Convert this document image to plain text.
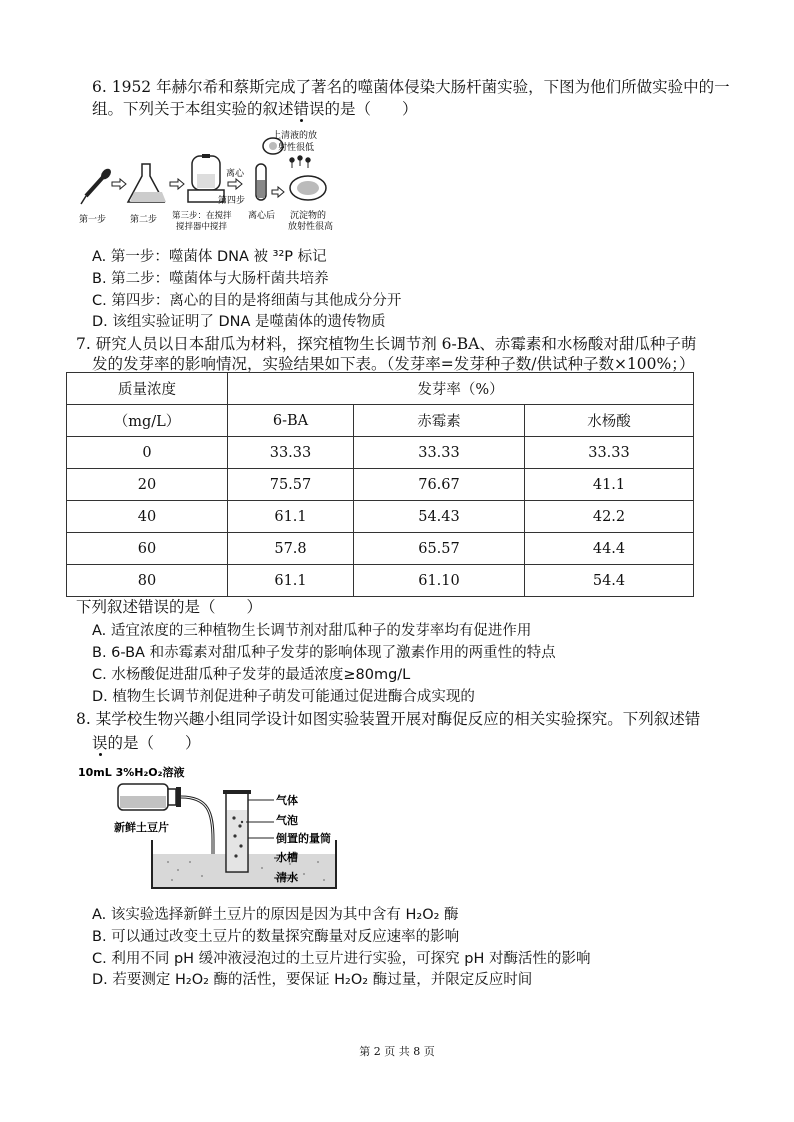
6. 1952 年赫尔希和蔡斯完成了著名的噬菌体侵染大肠杆菌实验，下图为他们所做实验中的一
组。下列关于本组实验的叙述错误的是（　　）
上清液的放
射性很低
第一步	第二步 第三步：在搅拌
搅拌器中搅拌
离心
第四步
离心后 沉淀物的
放射性很高
A. 第一步：噬菌体 DNA 被 ³²P 标记
B. 第二步：噬菌体与大肠杆菌共培养
C. 第四步：离心的目的是将细菌与其他成分分开
D. 该组实验证明了 DNA 是噬菌体的遗传物质
7. 研究人员以日本甜瓜为材料，探究植物生长调节剂 6-BA、赤霉素和水杨酸对甜瓜种子萌
发的发芽率的影响情况，实验结果如下表。（发芽率=发芽种子数/供试种子数×100%；）
质量浓度	发芽率（%）		
（mg/L）	6-BA	赤霉素	水杨酸
0	33.33	33.33	33.33
20	75.57	76.67	41.1
40	61.1	54.43	42.2
60	57.8	65.57	44.4
80	61.1	61.10	54.4
下列叙述错误的是（　　）
A. 适宜浓度的三种植物生长调节剂对甜瓜种子的发芽率均有促进作用
B. 6-BA 和赤霉素对甜瓜种子发芽的影响体现了激素作用的两重性的特点
C. 水杨酸促进甜瓜种子发芽的最适浓度≥80mg/L
D. 植物生长调节剂促进种子萌发可能通过促进酶合成实现的
8. 某学校生物兴趣小组同学设计如图实验装置开展对酶促反应的相关实验探究。下列叙述错
误的是（　　）
10mL 3%H₂O₂溶液
新鲜土豆片
气体
气泡
倒置的量筒
水槽
清水
A. 该实验选择新鲜土豆片的原因是因为其中含有 H₂O₂ 酶
B. 可以通过改变土豆片的数量探究酶量对反应速率的影响
C. 利用不同 pH 缓冲液浸泡过的土豆片进行实验，可探究 pH 对酶活性的影响
D. 若要测定 H₂O₂ 酶的活性，要保证 H₂O₂ 酶过量，并限定反应时间
第 2 页 共 8 页
